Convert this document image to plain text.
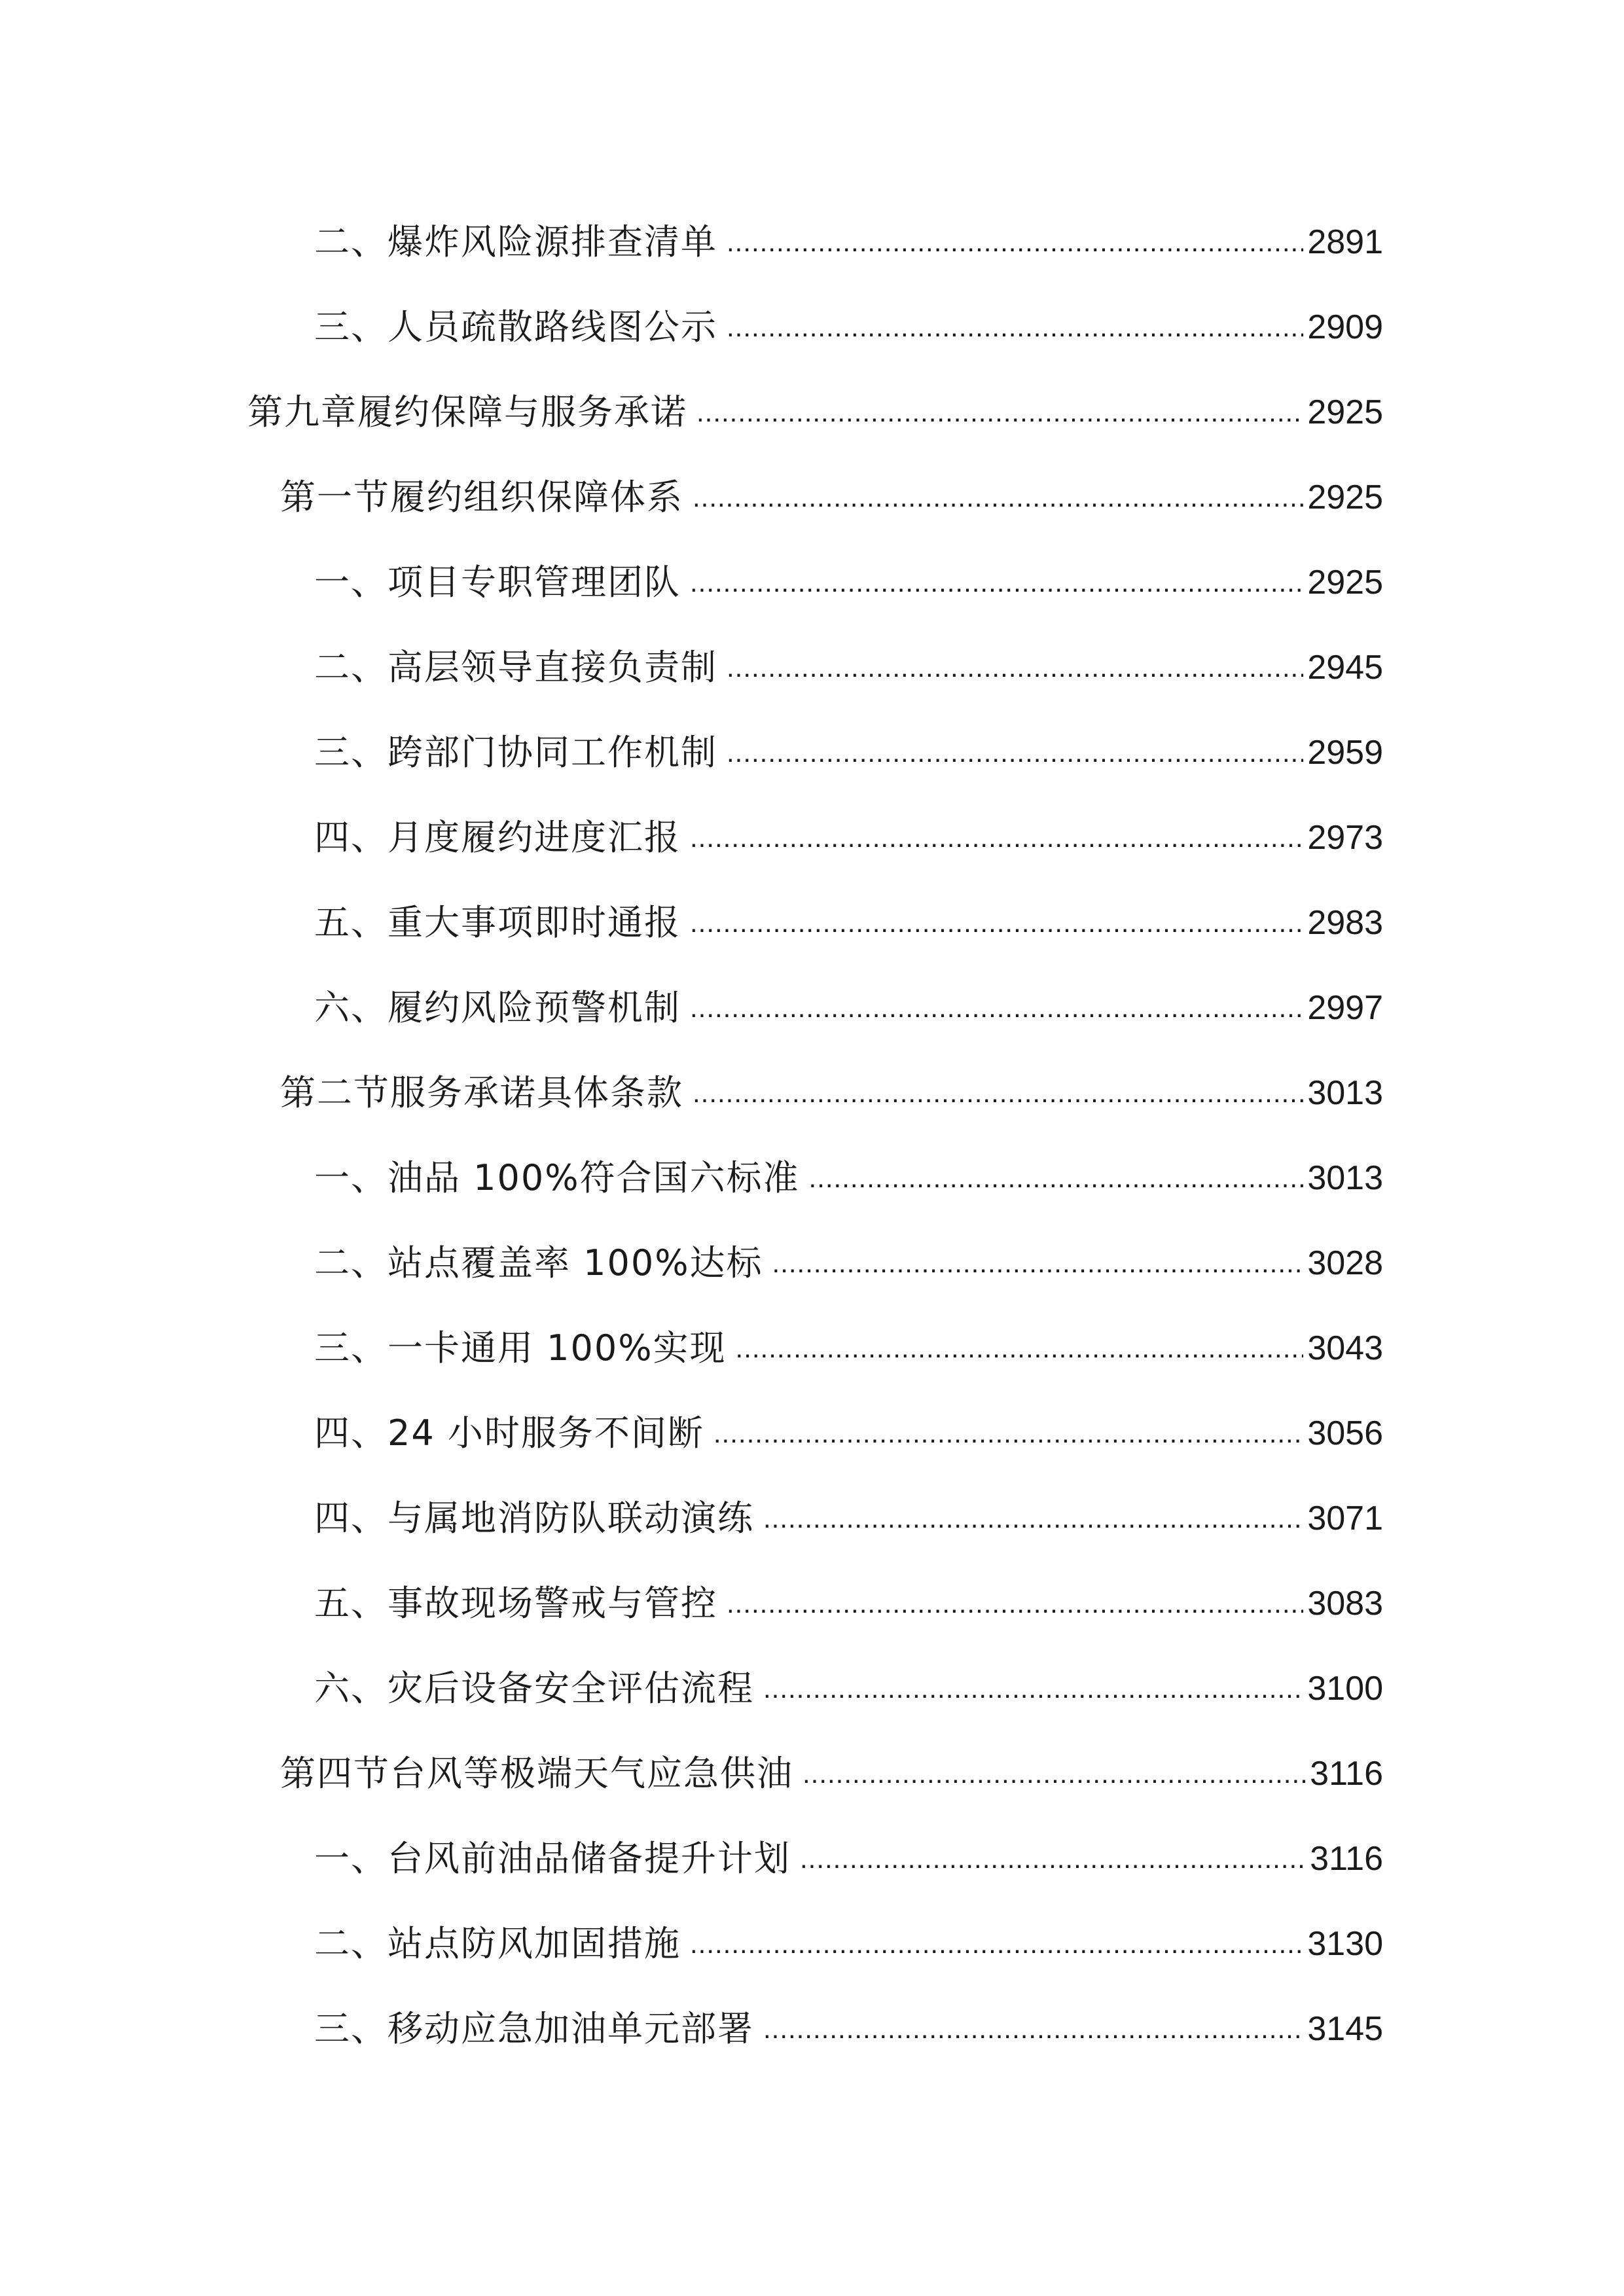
二、爆炸风险源排查清单 .....	2891
三、人员疏散路线图公示 .....	2909
第九章履约保障与服务承诺 .....	2925
第一节履约组织保障体系 .....	2925
一、项目专职管理团队 .....	2925
二、高层领导直接负责制 .....	2945
三、跨部门协同工作机制 .....	2959
四、月度履约进度汇报 .....	2973
五、重大事项即时通报 .....	2983
六、履约风险预警机制 .....	2997
第二节服务承诺具体条款 .....	3013
一、油品 100%符合国六标准 .....	3013
二、站点覆盖率 100%达标 .....	3028
三、一卡通用 100%实现 .....	3043
四、24 小时服务不间断 .....	3056
四、与属地消防队联动演练 .....	3071
五、事故现场警戒与管控 .....	3083
六、灾后设备安全评估流程 .....	3100
第四节台风等极端天气应急供油 .....	3116
一、台风前油品储备提升计划 .....	3116
二、站点防风加固措施 .....	3130
三、移动应急加油单元部署 .....	3145
